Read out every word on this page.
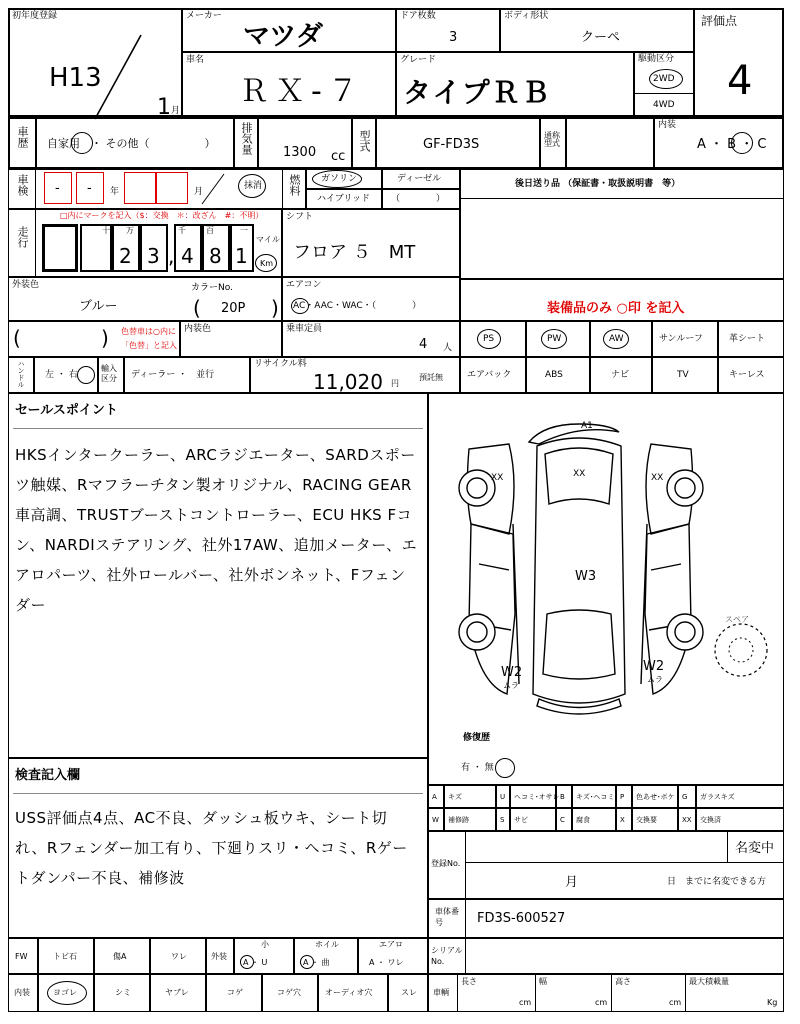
初年度登録
H13
1 月
メーカー
マツダ
ドア枚数
3
ボディ形状
クーペ
評価点
4
車名
ＲＸ-７
グレード
タイプＲＢ
駆動区分
2WD
4WD
車歴 自家用　・ その他（　　　　　） 排気量 1300 cc
型式	GF-FD3S
通称型式
内装
A ・ B ・ C
車検 - - 年	月
抹消 燃料 ガソリン	ディーゼル
ハイブリッド （　　　　）
後日送り品 （保証書・取扱説明書　等）
走行
□内にマークを記入（$：交換　＊：改ざん　#：不明）
十 万
2 3 ,
千
4
百
8
一
1
マイル
Km
シフト
フロア ５　MT
外装色
ブルー
カラーNo.
( 20P )
エアコン
AC・AAC・WAC・（　　　　）	装備品のみ ○印 を記入
PS	PW	AW	サンルーフ	革シート
エアバック	ABS	ナビ	TV	キーレス
(	) 色替車は○内に
「色替」と記入
内装色	乗車定員
4 人
ハンドル 左 ・ 右
輸入区分	ディーラー ・　並行
リサイクル料
11,020 円
預託無
セールスポイント
HKSインタークーラー、ARCラジエーター、SARDスポーツ触媒、Rマフラーチタン製オリジナル、RACING GEAR車高調、TRUSTブーストコントローラー、ECU HKS Fコン、NARDIステアリング、社外17AW、追加メーター、エアロパーツ、社外ロールバー、社外ボンネット、Fフェンダー
A1
XX	XX	XX
W3
W2
ムラ
W2
ムラ
スペア
修復歴
有 ・ 無
検査記入欄
USS評価点4点、AC不良、ダッシュ板ウキ、シート切れ、Rフェンダー加工有り、下廻りスリ・ヘコミ、Rゲートダンパー不良、補修波
A キズ	U ヘコミ･オサレ B キズ･ヘコミ P 色あせ･ボケ G ガラスキズ
W 補修跡	S サビ	C 腐食	X 交換要	XX 交換済
登録No.
名変中
月	日　までに名変できる方
車体番号	FD3S-600527
FW	トビ石	傷A	ワレ	外装
小
A ・ U
ホイル
A ・ 曲
エアロ
A ・ ワレ
内装	ヨゴレ	シミ	ヤブレ	コゲ	コゲ穴	オーディオ穴	スレ
シリアルNo.
車輌
長さ
cm
幅
cm
高さ
cm
最大積載量
Kg
